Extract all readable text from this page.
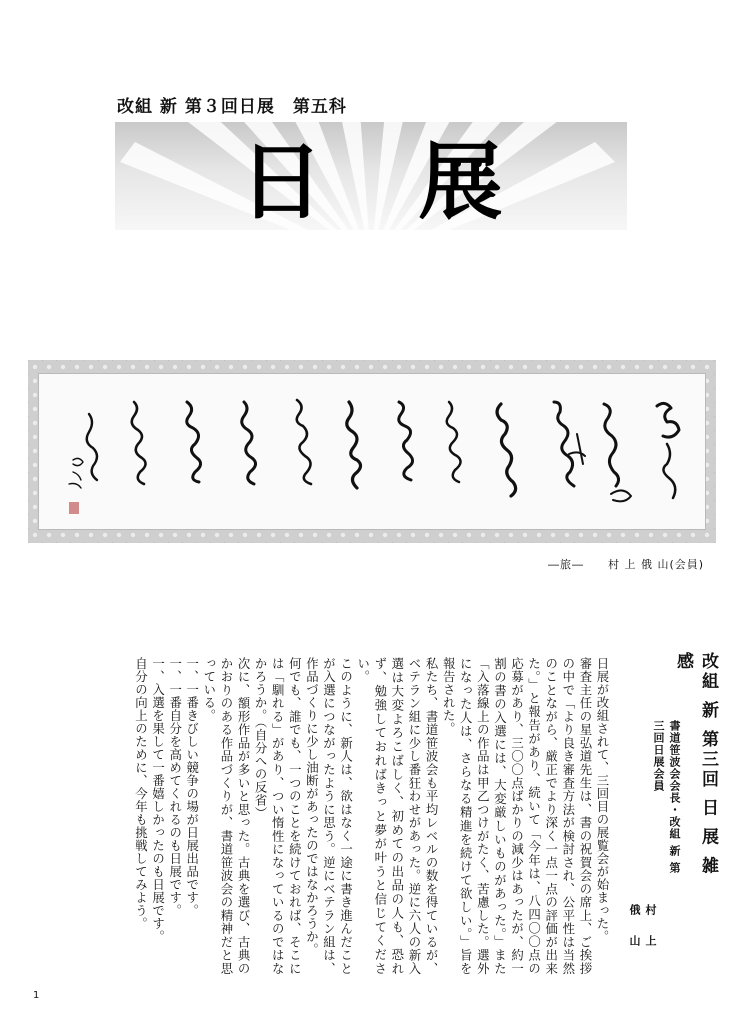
改組 新 第３回日展　第五科
日展
―旅― 村 上 俄 山(会員)
改組 新 第三回 日 展 雑 感
書道笹波会会長・改組 新 第三回日展会員
村 上 俄 山

日展が改組されて、三回目の展覧会が始まった。

審査主任の星弘道先生は、書の祝賀会の席上、ご挨拶の中で「より良き審査方法が検討され、公平性は当然のことながら、厳正でより深く一点一点の評価が出来た。」と報告があり、続いて「今年は、八四〇〇点の応募があり、三〇〇点ばかりの減少はあったが、約一割の書の入選には、大変厳しいものがあった。」また「入落線上の作品は甲乙つけがたく、苦慮した。選外になった人は、さらなる精進を続けて欲しい。」旨を報告された。

私たち、書道笹波会も平均レベルの数を得ているが、ベテラン組に少し番狂わせがあった。逆に六人の新入選は大変よろこばしく、初めての出品の人も、恐れず、勉強しておればきっと夢が叶うと信じてください。

このように、新人は、欲はなく一途に書き進んだことが入選につながったように思う。逆にベテラン組は、作品づくりに少し油断があったのではなかろうか。

何でも、誰でも、一つのことを続けておれば、そこには「馴れる」があり、つい惰性になっているのではなかろうか。（自分への反省）

次に、額形作品が多いと思った。古典を選び、古典のかおりのある作品づくりが、書道笹波会の精神だと思っている。

一、一番きびしい競争の場が日展出品です。

一、一番自分を高めてくれるのも日展です。

一、入選を果して一番嬉しかったのも日展です。

自分の向上のために、今年も挑戦してみよう。

1
